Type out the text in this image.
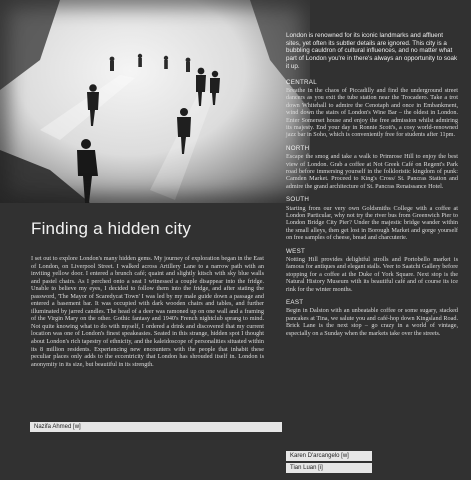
Finding a hidden city

I set out to explore London's many hidden gems. My journey of exploration began in the East of London, on Liverpool Street. I walked across Artillery Lane to a narrow path with an inviting yellow door. I entered a brunch café; quaint and slightly kitsch with sky blue walls and pastel chairs. As I perched onto a seat I witnessed a couple disappear into the fridge. Unable to believe my eyes, I decided to follow them into the fridge, and after stating the password, 'The Mayor of Scaredycat Town' I was led by my male guide down a passage and entered a basement bar. It was occupied with dark wooden chairs and tables, and further illuminated by jarred candles. The head of a deer was ramoned up on one wall and a framing of the Virgin Mary on the other. Gothic fantasy and 1940's French nightclub sprang to mind. Not quite knowing what to do with myself, I ordered a drink and discovered that my current location was one of London's finest speakeasies. Seated in this strange, hidden spot I thought about London's rich tapestry of ethnicity, and the kaleidoscope of personalities situated within its 8 million residents. Experiencing new encounters with the people that inhabit these peculiar places only adds to the eccentricity that London has shrouded itself in. London is anonymity in its size, but beautiful in its strength.

Nazifa Ahmed [w]

London is renowned for its iconic landmarks and affluent sites, yet often its subtler details are ignored. This city is a bubbling cauldron of cultural influences, and no matter what part of London you're in there's always an opportunity to soak it up.

CENTRAL

Breathe in the chaos of Piccadilly and find the underground street dancers as you exit the tube station near the Trocadero. Take a trot down Whitehall to admire the Cenotaph and once in Embankment, wind down the stairs of London's Wine Bar – the oldest in London. Enter Somerset house and enjoy the free admission whilst admiring its majesty. End your day in Ronnie Scott's, a cosy world-renowned jazz bar in Soho, which is conveniently free for students after 11pm.

NORTH

Escape the smog and take a walk to Primrose Hill to enjoy the best view of London. Grab a coffee at Not Greek Café on Regent's Park road before immersing yourself in the folkloristic kingdom of punk: Camden Market. Proceed to King's Cross/ St. Pancras Station and admire the grand architecture of St. Pancras Renaissance Hotel.

SOUTH

Starting from our very own Goldsmiths College with a coffee at London Particular, why not try the river bus from Greenwich Pier to London Bridge City Pier? Under the majestic bridge wander within the small alleys, then get lost in Borough Market and gorge yourself on free samples of cheese, bread and charcuterie.

WEST

Notting Hill provides delightful strolls and Portobello market is famous for antiques and elegant stalls. Veer to Saatchi Gallery before stopping for a coffee at the Duke of York Square. Next stop is the Natural History Museum with its beautiful café and of course its ice rink for the winter months.

EAST

Begin in Dalston with an unbeatable coffee or some sugary, stacked pancakes at Tina, we salute you and café-hop down Kingsland Road. Brick Lane is the next stop – go crazy in a world of vintage, especially on a Sunday when the markets take over the streets.

Karen D'arcangelo [w]
Tian Luan [i]
